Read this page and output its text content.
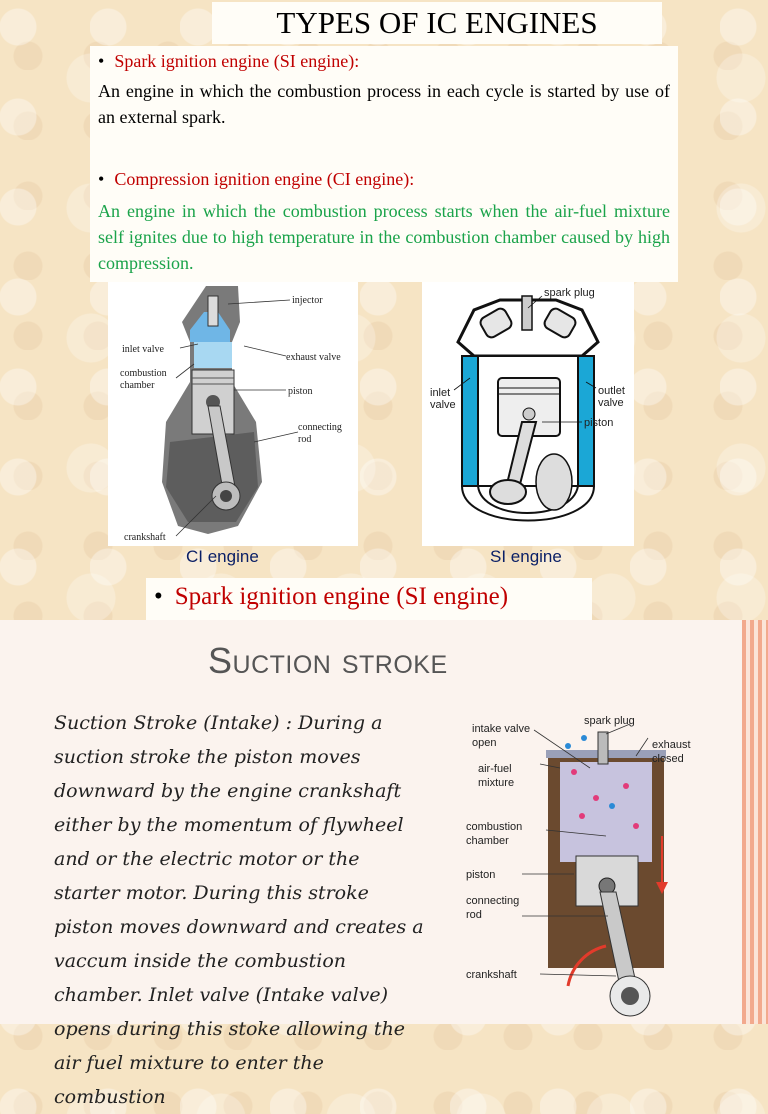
TYPES OF IC ENGINES
• Spark ignition engine (SI engine):
An engine in which the combustion process in each cycle is started by use of an external spark.
• Compression ignition engine (CI engine):
An engine in which the combustion process starts when the air-fuel mixture self ignites due to high temperature in the combustion chamber caused by high compression.
injector
inlet valve
exhaust valve
combustion
chamber
piston
connecting
rod
crankshaft
CI engine
spark plug
inlet
valve
outlet
valve
piston
SI engine
• Spark ignition engine (SI engine)
Suction stroke
Suction Stroke (Intake) : During a suction stroke the piston moves downward by the engine crankshaft either by the momentum of flywheel and or the electric motor or the starter motor. During this stroke piston moves downward and creates a vaccum inside the combustion chamber. Inlet valve (Intake valve) opens during this stoke allowing the air fuel mixture to enter the combustion
intake valve
open
spark plug
exhaust
closed
air-fuel
mixture
combustion
chamber
piston
connecting
rod
crankshaft
